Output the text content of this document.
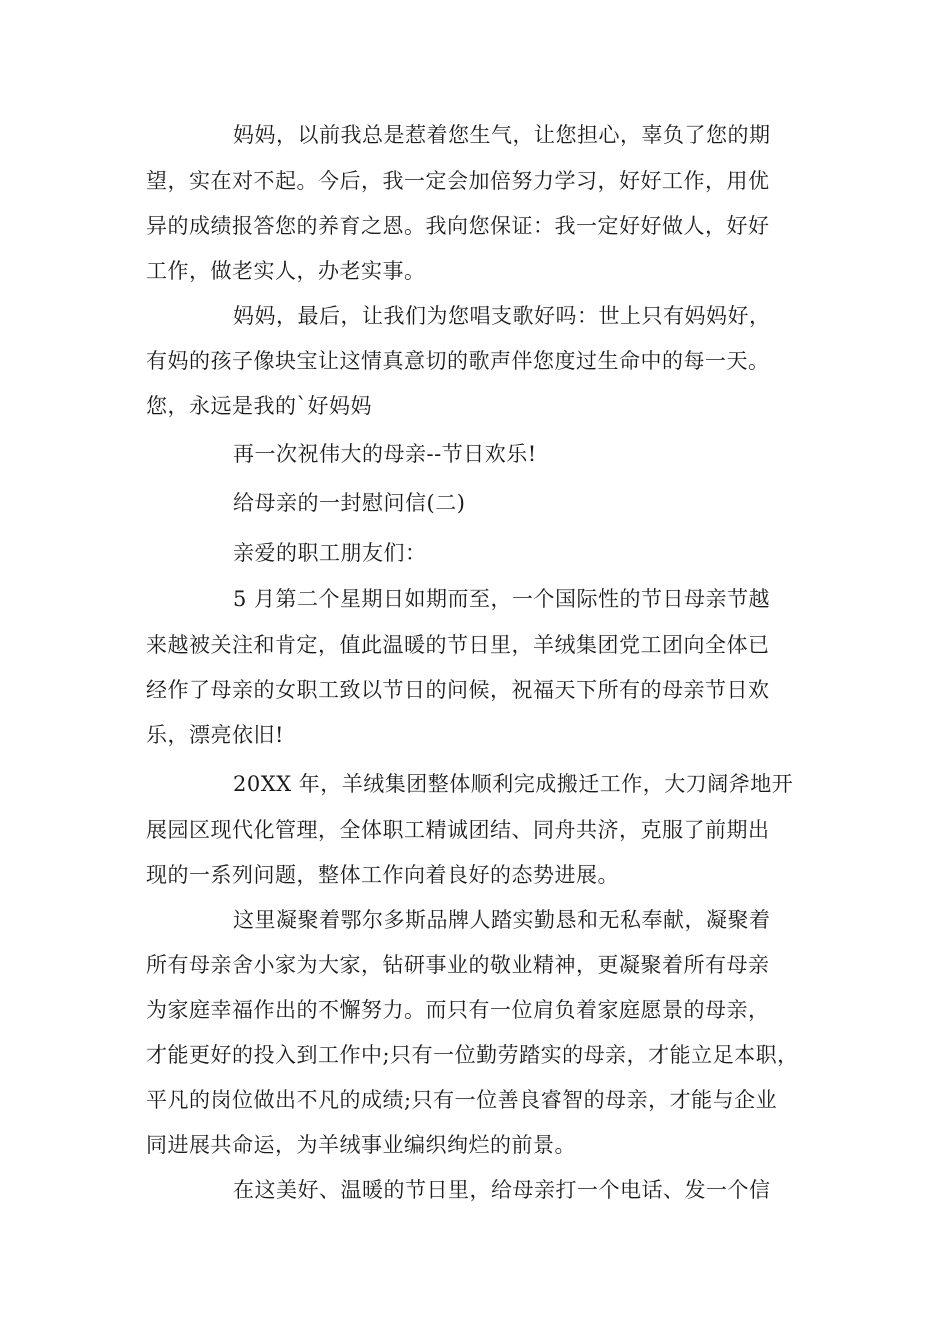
妈妈，以前我总是惹着您生气，让您担心，辜负了您的期
望，实在对不起。今后，我一定会加倍努力学习，好好工作，用优
异的成绩报答您的养育之恩。我向您保证：我一定好好做人，好好
工作，做老实人，办老实事。
妈妈，最后，让我们为您唱支歌好吗：世上只有妈妈好，
有妈的孩子像块宝让这情真意切的歌声伴您度过生命中的每一天。
您，永远是我的`好妈妈
再一次祝伟大的母亲--节日欢乐!
给母亲的一封慰问信(二)
亲爱的职工朋友们：
5 月第二个星期日如期而至，一个国际性的节日母亲节越
来越被关注和肯定，值此温暖的节日里，羊绒集团党工团向全体已
经作了母亲的女职工致以节日的问候，祝福天下所有的母亲节日欢
乐，漂亮依旧!
20XX 年，羊绒集团整体顺利完成搬迁工作，大刀阔斧地开
展园区现代化管理，全体职工精诚团结、同舟共济，克服了前期出
现的一系列问题，整体工作向着良好的态势进展。
这里凝聚着鄂尔多斯品牌人踏实勤恳和无私奉献，凝聚着
所有母亲舍小家为大家，钻研事业的敬业精神，更凝聚着所有母亲
为家庭幸福作出的不懈努力。而只有一位肩负着家庭愿景的母亲，
才能更好的投入到工作中;只有一位勤劳踏实的母亲，才能立足本职，
平凡的岗位做出不凡的成绩;只有一位善良睿智的母亲，才能与企业
同进展共命运，为羊绒事业编织绚烂的前景。
在这美好、温暖的节日里，给母亲打一个电话、发一个信
